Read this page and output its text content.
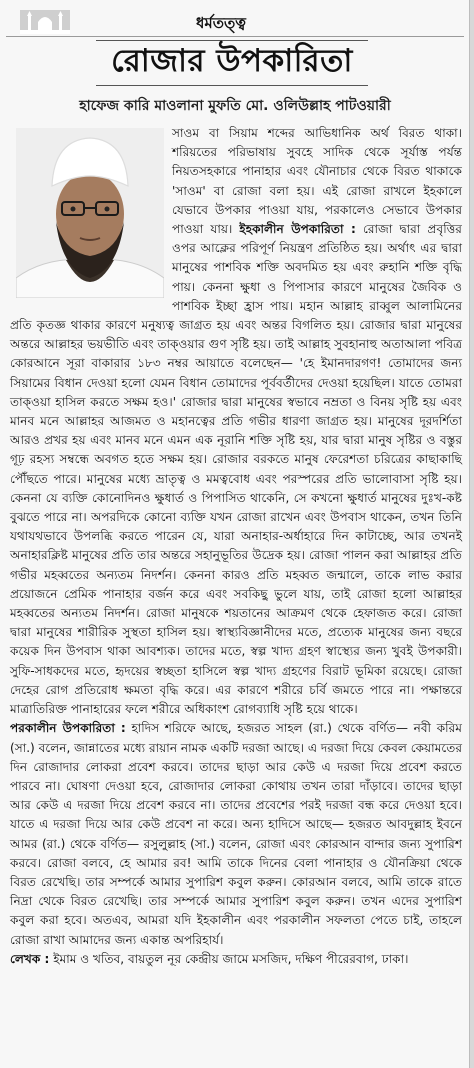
ধর্মতত্ত্ব
রোজার উপকারিতা
হাফেজ কারি মাওলানা মুফতি মো. ওলিউল্লাহ পাটওয়ারী

সাওম বা সিয়াম শব্দের আভিধানিক অর্থ বিরত থাকা। শরিয়তের পরিভাষায় সুবহে সাদিক থেকে সূর্যাস্ত পর্যন্ত নিয়তসহকারে পানাহার এবং যৌনাচার থেকে বিরত থাকাকে 'সাওম' বা রোজা বলা হয়। এই রোজা রাখলে ইহকালে যেভাবে উপকার পাওয়া যায়, পরকালেও সেভাবে উপকার পাওয়া যায়। ইহকালীন উপকারিতা : রোজা দ্বারা প্রবৃত্তির ওপর আক্লের পরিপূর্ণ নিয়ন্ত্রণ প্রতিষ্ঠিত হয়। অর্থাৎ এর দ্বারা মানুষের পাশবিক শক্তি অবদমিত হয় এবং রুহানি শক্তি বৃদ্ধি পায়। কেননা ক্ষুধা ও পিপাসার কারণে মানুষের জৈবিক ও পাশবিক ইচ্ছা হ্রাস পায়। মহান আল্লাহ রাব্বুল আলামিনের প্রতি কৃতজ্ঞ থাকার কারণে মনুষ্যত্ব জাগ্রত হয় এবং অন্তর বিগলিত হয়। রোজার দ্বারা মানুষের অন্তরে আল্লাহর ভয়ভীতি এবং তাক্ওয়ার গুণ সৃষ্টি হয়। তাই আল্লাহ সুবহানাহু অতাআলা পবিত্র কোরআনে সূরা বাকারার ১৮৩ নম্বর আয়াতে বলেছেন— 'হে ইমানদারগণ! তোমাদের জন্য সিয়ামের বিধান দেওয়া হলো যেমন বিধান তোমাদের পূর্ববর্তীদের দেওয়া হয়েছিল। যাতে তোমরা তাক্ওয়া হাসিল করতে সক্ষম হও।' রোজার দ্বারা মানুষের স্বভাবে নম্রতা ও বিনয় সৃষ্টি হয় এবং মানব মনে আল্লাহর আজমত ও মহানত্বের প্রতি গভীর ধারণা জাগ্রত হয়। মানুষের দূরদর্শিতা আরও প্রখর হয় এবং মানব মনে এমন এক নূরানি শক্তি সৃষ্টি হয়, যার দ্বারা মানুষ সৃষ্টির ও বস্তুর গূঢ় রহস্য সম্বন্ধে অবগত হতে সক্ষম হয়। রোজার বরকতে মানুষ ফেরেশতা চরিত্রের কাছাকাছি পৌঁছতে পারে। মানুষের মধ্যে ভ্রাতৃত্ব ও মমত্ববোধ এবং পরস্পরের প্রতি ভালোবাসা সৃষ্টি হয়। কেননা যে ব্যক্তি কোনোদিনও ক্ষুধার্ত ও পিপাসিত থাকেনি, সে কখনো ক্ষুধার্ত মানুষের দুঃখ-কষ্ট বুঝতে পারে না। অপরদিকে কোনো ব্যক্তি যখন রোজা রাখেন এবং উপবাস থাকেন, তখন তিনি যথাযথভাবে উপলব্ধি করতে পারেন যে, যারা অনাহার-অর্ধাহারে দিন কাটাচ্ছে, আর তখনই অনাহারক্লিষ্ট মানুষের প্রতি তার অন্তরে সহানুভূতির উদ্রেক হয়। রোজা পালন করা আল্লাহর প্রতি গভীর মহব্বতের অন্যতম নিদর্শন। কেননা কারও প্রতি মহব্বত জন্মালে, তাকে লাভ করার প্রয়োজনে প্রেমিক পানাহার বর্জন করে এবং সবকিছু ভুলে যায়, তাই রোজা হলো আল্লাহর মহব্বতের অন্যতম নিদর্শন। রোজা মানুষকে শয়তানের আক্রমণ থেকে হেফাজত করে। রোজা দ্বারা মানুষের শারীরিক সুস্থতা হাসিল হয়। স্বাস্থ্যবিজ্ঞানীদের মতে, প্রত্যেক মানুষের জন্য বছরে কয়েক দিন উপবাস থাকা আবশ্যক। তাদের মতে, স্বল্প খাদ্য গ্রহণ স্বাস্থ্যের জন্য খুবই উপকারী। সুফি-সাধকদের মতে, হৃদয়ের স্বচ্ছতা হাসিলে স্বল্প খাদ্য গ্রহণের বিরাট ভূমিকা রয়েছে। রোজা দেহের রোগ প্রতিরোধ ক্ষমতা বৃদ্ধি করে। এর কারণে শরীরে চর্বি জমতে পারে না। পক্ষান্তরে মাত্রাতিরিক্ত পানাহারের ফলে শরীরে অধিকাংশ রোগব্যাধি সৃষ্টি হয়ে থাকে।
পরকালীন উপকারিতা : হাদিস শরিফে আছে, হজরত সাহল (রা.) থেকে বর্ণিত— নবী করিম (সা.) বলেন, জান্নাতের মধ্যে রায়ান নামক একটি দরজা আছে। এ দরজা দিয়ে কেবল কেয়ামতের দিন রোজাদার লোকরা প্রবেশ করবে। তাদের ছাড়া আর কেউ এ দরজা দিয়ে প্রবেশ করতে পারবে না। ঘোষণা দেওয়া হবে, রোজাদার লোকরা কোথায় তখন তারা দাঁড়াবে। তাদের ছাড়া আর কেউ এ দরজা দিয়ে প্রবেশ করবে না। তাদের প্রবেশের পরই দরজা বন্ধ করে দেওয়া হবে। যাতে এ দরজা দিয়ে আর কেউ প্রবেশ না করে। অন্য হাদিসে আছে— হজরত আবদুল্লাহ ইবনে আমর (রা.) থেকে বর্ণিত— রসুলুল্লাহ (সা.) বলেন, রোজা এবং কোরআন বান্দার জন্য সুপারিশ করবে। রোজা বলবে, হে আমার রব! আমি তাকে দিনের বেলা পানাহার ও যৌনক্রিয়া থেকে বিরত রেখেছি। তার সম্পর্কে আমার সুপারিশ কবুল করুন। কোরআন বলবে, আমি তাকে রাতে নিদ্রা থেকে বিরত রেখেছি। তার সম্পর্কে আমার সুপারিশ কবুল করুন। তখন এদের সুপারিশ কবুল করা হবে। অতএব, আমরা যদি ইহকালীন এবং পরকালীন সফলতা পেতে চাই, তাহলে রোজা রাখা আমাদের জন্য একান্ত অপরিহার্য।
লেখক : ইমাম ও খতিব, বায়তুল নূর কেন্দ্রীয় জামে মসজিদ, দক্ষিণ পীরেরবাগ, ঢাকা।
